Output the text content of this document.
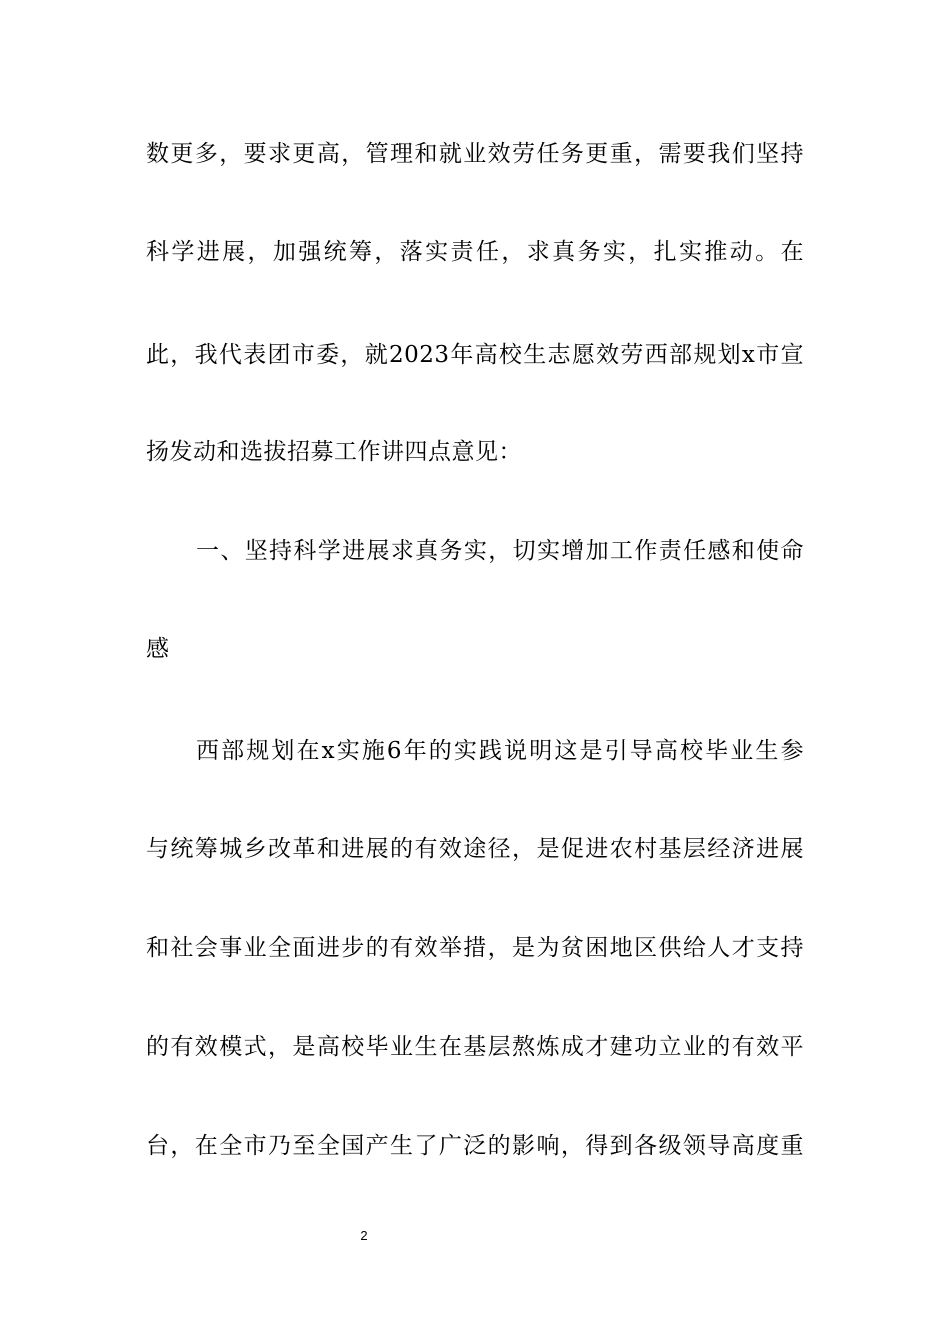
数更多，要求更高，管理和就业效劳任务更重，需要我们坚持
科学进展，加强统筹，落实责任，求真务实，扎实推动。在
此，我代表团市委，就2023年高校生志愿效劳西部规划x市宣
扬发动和选拔招募工作讲四点意见：
一、坚持科学进展求真务实，切实增加工作责任感和使命
感
西部规划在x实施6年的实践说明这是引导高校毕业生参
与统筹城乡改革和进展的有效途径，是促进农村基层经济进展
和社会事业全面进步的有效举措，是为贫困地区供给人才支持
的有效模式，是高校毕业生在基层熬炼成才建功立业的有效平
台，在全市乃至全国产生了广泛的影响，得到各级领导高度重
2
